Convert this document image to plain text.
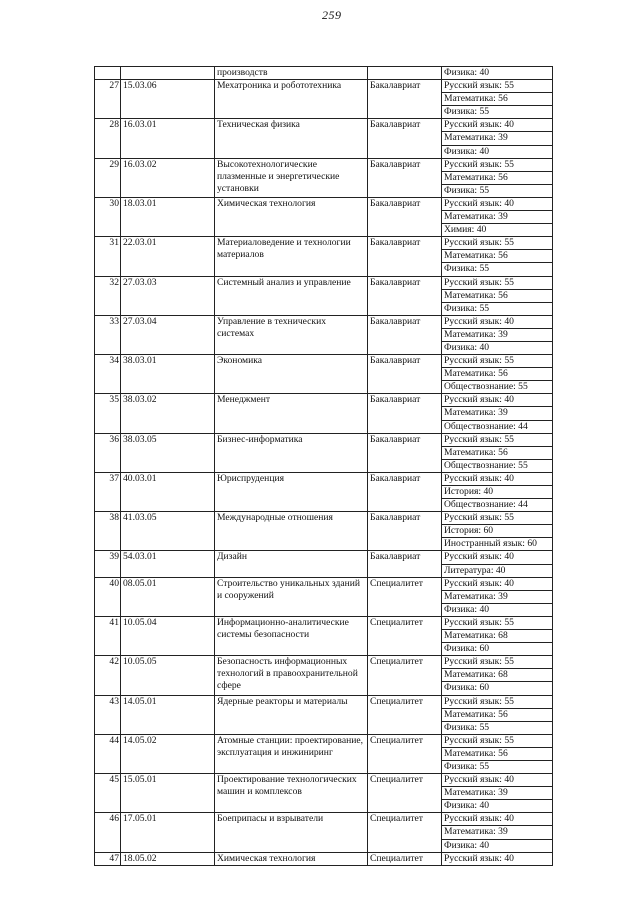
259
		производств		Физика: 40
27	15.03.06	Мехатроника и робототехника	Бакалавриат	Русский язык: 55
				Математика: 56
				Физика: 55
28	16.03.01	Техническая физика	Бакалавриат	Русский язык: 40
				Математика: 39
				Физика: 40
29	16.03.02	Высокотехнологические плазменные и энергетические установки	Бакалавриат	Русский язык: 55
				Математика: 56
				Физика: 55
30	18.03.01	Химическая технология	Бакалавриат	Русский язык: 40
				Математика: 39
				Химия: 40
31	22.03.01	Материаловедение и технологии материалов	Бакалавриат	Русский язык: 55
				Математика: 56
				Физика: 55
32	27.03.03	Системный анализ и управление	Бакалавриат	Русский язык: 55
				Математика: 56
				Физика: 55
33	27.03.04	Управление в технических системах	Бакалавриат	Русский язык: 40
				Математика: 39
				Физика: 40
34	38.03.01	Экономика	Бакалавриат	Русский язык: 55
				Математика: 56
				Обществознание: 55
35	38.03.02	Менеджмент	Бакалавриат	Русский язык: 40
				Математика: 39
				Обществознание: 44
36	38.03.05	Бизнес-информатика	Бакалавриат	Русский язык: 55
				Математика: 56
				Обществознание: 55
37	40.03.01	Юриспруденция	Бакалавриат	Русский язык: 40
				История: 40
				Обществознание: 44
38	41.03.05	Международные отношения	Бакалавриат	Русский язык: 55
				История: 60
				Иностранный язык: 60
39	54.03.01	Дизайн	Бакалавриат	Русский язык: 40
				Литература: 40
40	08.05.01	Строительство уникальных зданий и сооружений	Специалитет	Русский язык: 40
				Математика: 39
				Физика: 40
41	10.05.04	Информационно-аналитические системы безопасности	Специалитет	Русский язык: 55
				Математика: 68
				Физика: 60
42	10.05.05	Безопасность информационных технологий в правоохранительной сфере	Специалитет	Русский язык: 55
				Математика: 68
				Физика: 60
43	14.05.01	Ядерные реакторы и материалы	Специалитет	Русский язык: 55
				Математика: 56
				Физика: 55
44	14.05.02	Атомные станции: проектирование, эксплуатация и инжиниринг	Специалитет	Русский язык: 55
				Математика: 56
				Физика: 55
45	15.05.01	Проектирование технологических машин и комплексов	Специалитет	Русский язык: 40
				Математика: 39
				Физика: 40
46	17.05.01	Боеприпасы и взрыватели	Специалитет	Русский язык: 40
				Математика: 39
				Физика: 40
47	18.05.02	Химическая технология	Специалитет	Русский язык: 40
